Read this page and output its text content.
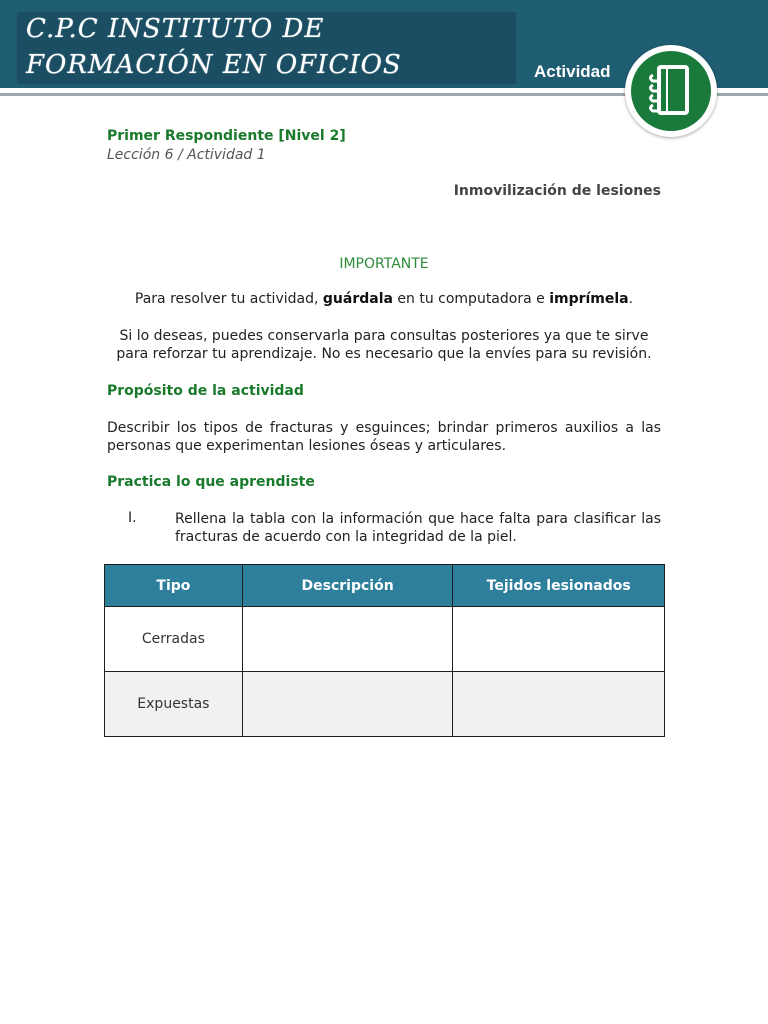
C.P.C INSTITUTO DE
FORMACIÓN EN OFICIOS	Actividad
Primer Respondiente [Nivel 2]
Lección 6 / Actividad 1
Inmovilización de lesiones
IMPORTANTE
Para resolver tu actividad, guárdala en tu computadora e imprímela.
Si lo deseas, puedes conservarla para consultas posteriores ya que te sirve para reforzar tu aprendizaje. No es necesario que la envíes para su revisión.
Propósito de la actividad
Describir los tipos de fracturas y esguinces; brindar primeros auxilios a las personas que experimentan lesiones óseas y articulares.
Practica lo que aprendiste
I.	Rellena la tabla con la información que hace falta para clasificar las fracturas de acuerdo con la integridad de la piel.
Tipo	Descripción	Tejidos lesionados
Cerradas		
Expuestas		
